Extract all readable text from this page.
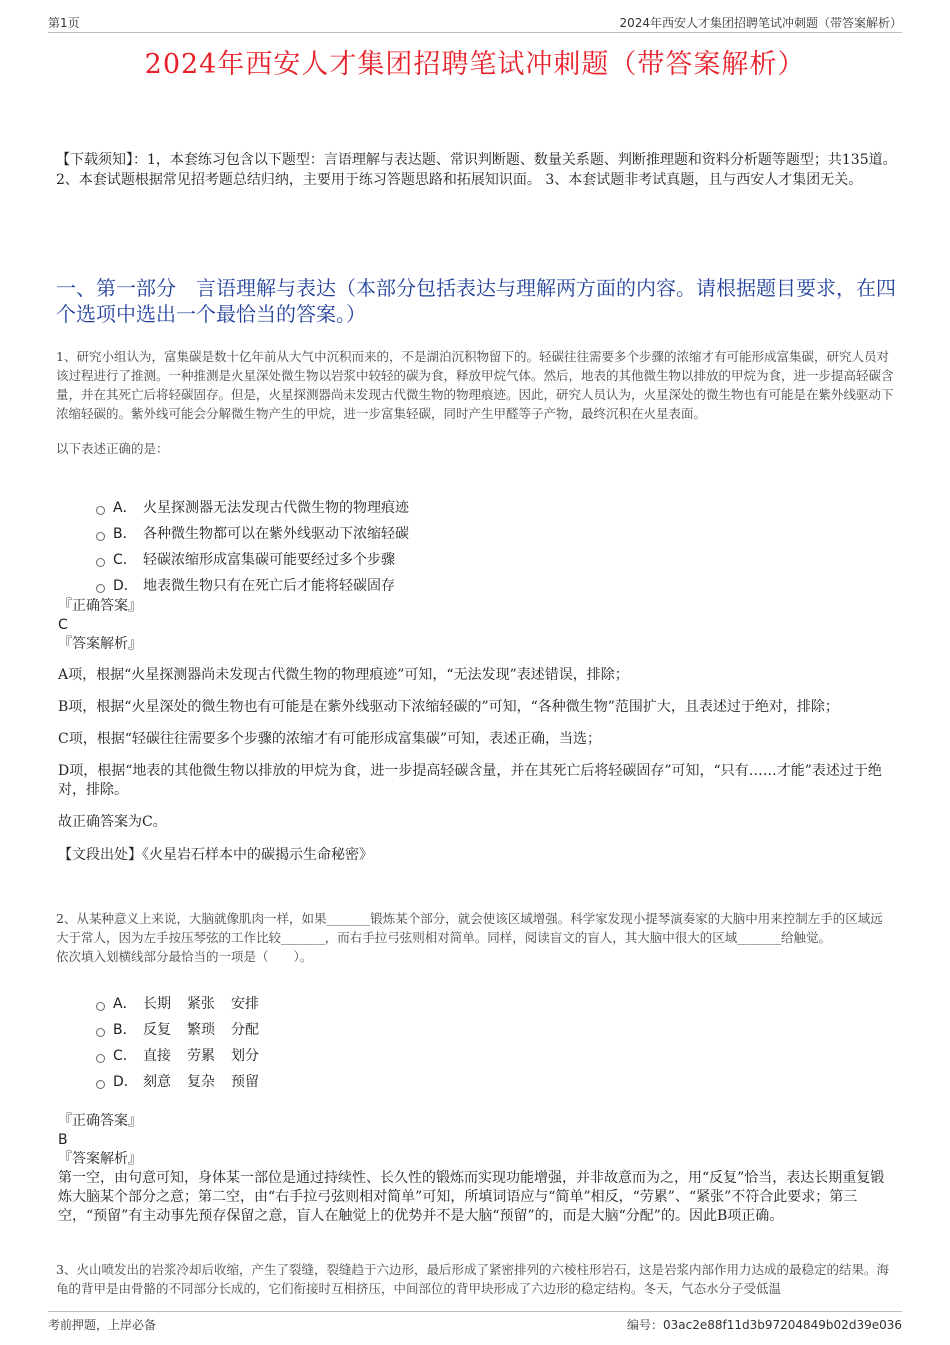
第1页	2024年西安人才集团招聘笔试冲刺题（带答案解析）
2024年西安人才集团招聘笔试冲刺题（带答案解析）
【下载须知】：1，本套练习包含以下题型：言语理解与表达题、常识判断题、数量关系题、判断推理题和资料分析题等题型；共135道。 2、本套试题根据常见招考题总结归纳，主要用于练习答题思路和拓展知识面。 3、本套试题非考试真题，且与西安人才集团无关。
一、第一部分　言语理解与表达（本部分包括表达与理解两方面的内容。请根据题目要求，在四个选项中选出一个最恰当的答案。）

1、研究小组认为，富集碳是数十亿年前从大气中沉积而来的，不是湖泊沉积物留下的。轻碳往往需要多个步骤的浓缩才有可能形成富集碳，研究人员对该过程进行了推测。一种推测是火星深处微生物以岩浆中较轻的碳为食，释放甲烷气体。然后，地表的其他微生物以排放的甲烷为食，进一步提高轻碳含量，并在其死亡后将轻碳固存。但是，火星探测器尚未发现古代微生物的物理痕迹。因此，研究人员认为，火星深处的微生物也有可能是在紫外线驱动下浓缩轻碳的。紫外线可能会分解微生物产生的甲烷，进一步富集轻碳，同时产生甲醛等子产物，最终沉积在火星表面。

以下表述正确的是：

A． 火星探测器无法发现古代微生物的物理痕迹
B． 各种微生物都可以在紫外线驱动下浓缩轻碳
C． 轻碳浓缩形成富集碳可能要经过多个步骤
D． 地表微生物只有在死亡后才能将轻碳固存

『正确答案』

C

『答案解析』

A项，根据“火星探测器尚未发现古代微生物的物理痕迹”可知，“无法发现”表述错误，排除；

B项，根据“火星深处的微生物也有可能是在紫外线驱动下浓缩轻碳的”可知，“各种微生物”范围扩大，且表述过于绝对，排除；

C项，根据“轻碳往往需要多个步骤的浓缩才有可能形成富集碳”可知，表述正确，当选；

D项，根据“地表的其他微生物以排放的甲烷为食，进一步提高轻碳含量，并在其死亡后将轻碳固存”可知，“只有……才能”表述过于绝对，排除。

故正确答案为C。

【文段出处】《火星岩石样本中的碳揭示生命秘密》

2、从某种意义上来说，大脑就像肌肉一样，如果_______锻炼某个部分，就会使该区域增强。科学家发现小提琴演奏家的大脑中用来控制左手的区域远大于常人，因为左手按压琴弦的工作比较_______，而右手拉弓弦则相对简单。同样，阅读盲文的盲人，其大脑中很大的区域_______给触觉。

依次填入划横线部分最恰当的一项是（　　）。

A． 长期 紧张 安排
B． 反复 繁琐 分配
C． 直接 劳累 划分
D． 刻意 复杂 预留

『正确答案』

B

『答案解析』

第一空，由句意可知，身体某一部位是通过持续性、长久性的锻炼而实现功能增强，并非故意而为之，用“反复”恰当，表达长期重复锻炼大脑某个部分之意；第二空，由“右手拉弓弦则相对简单”可知，所填词语应与“简单”相反，“劳累”、“紧张”不符合此要求；第三空，“预留”有主动事先预存保留之意，盲人在触觉上的优势并不是大脑“预留”的，而是大脑“分配”的。因此B项正确。

3、火山喷发出的岩浆冷却后收缩，产生了裂缝，裂缝趋于六边形，最后形成了紧密排列的六棱柱形岩石，这是岩浆内部作用力达成的最稳定的结果。海龟的背甲是由骨骼的不同部分长成的，它们衔接时互相挤压，中间部位的背甲块形成了六边形的稳定结构。冬天，气态水分子受低温

考前押题，上岸必备	编号：03ac2e88f11d3b97204849b02d39e036
